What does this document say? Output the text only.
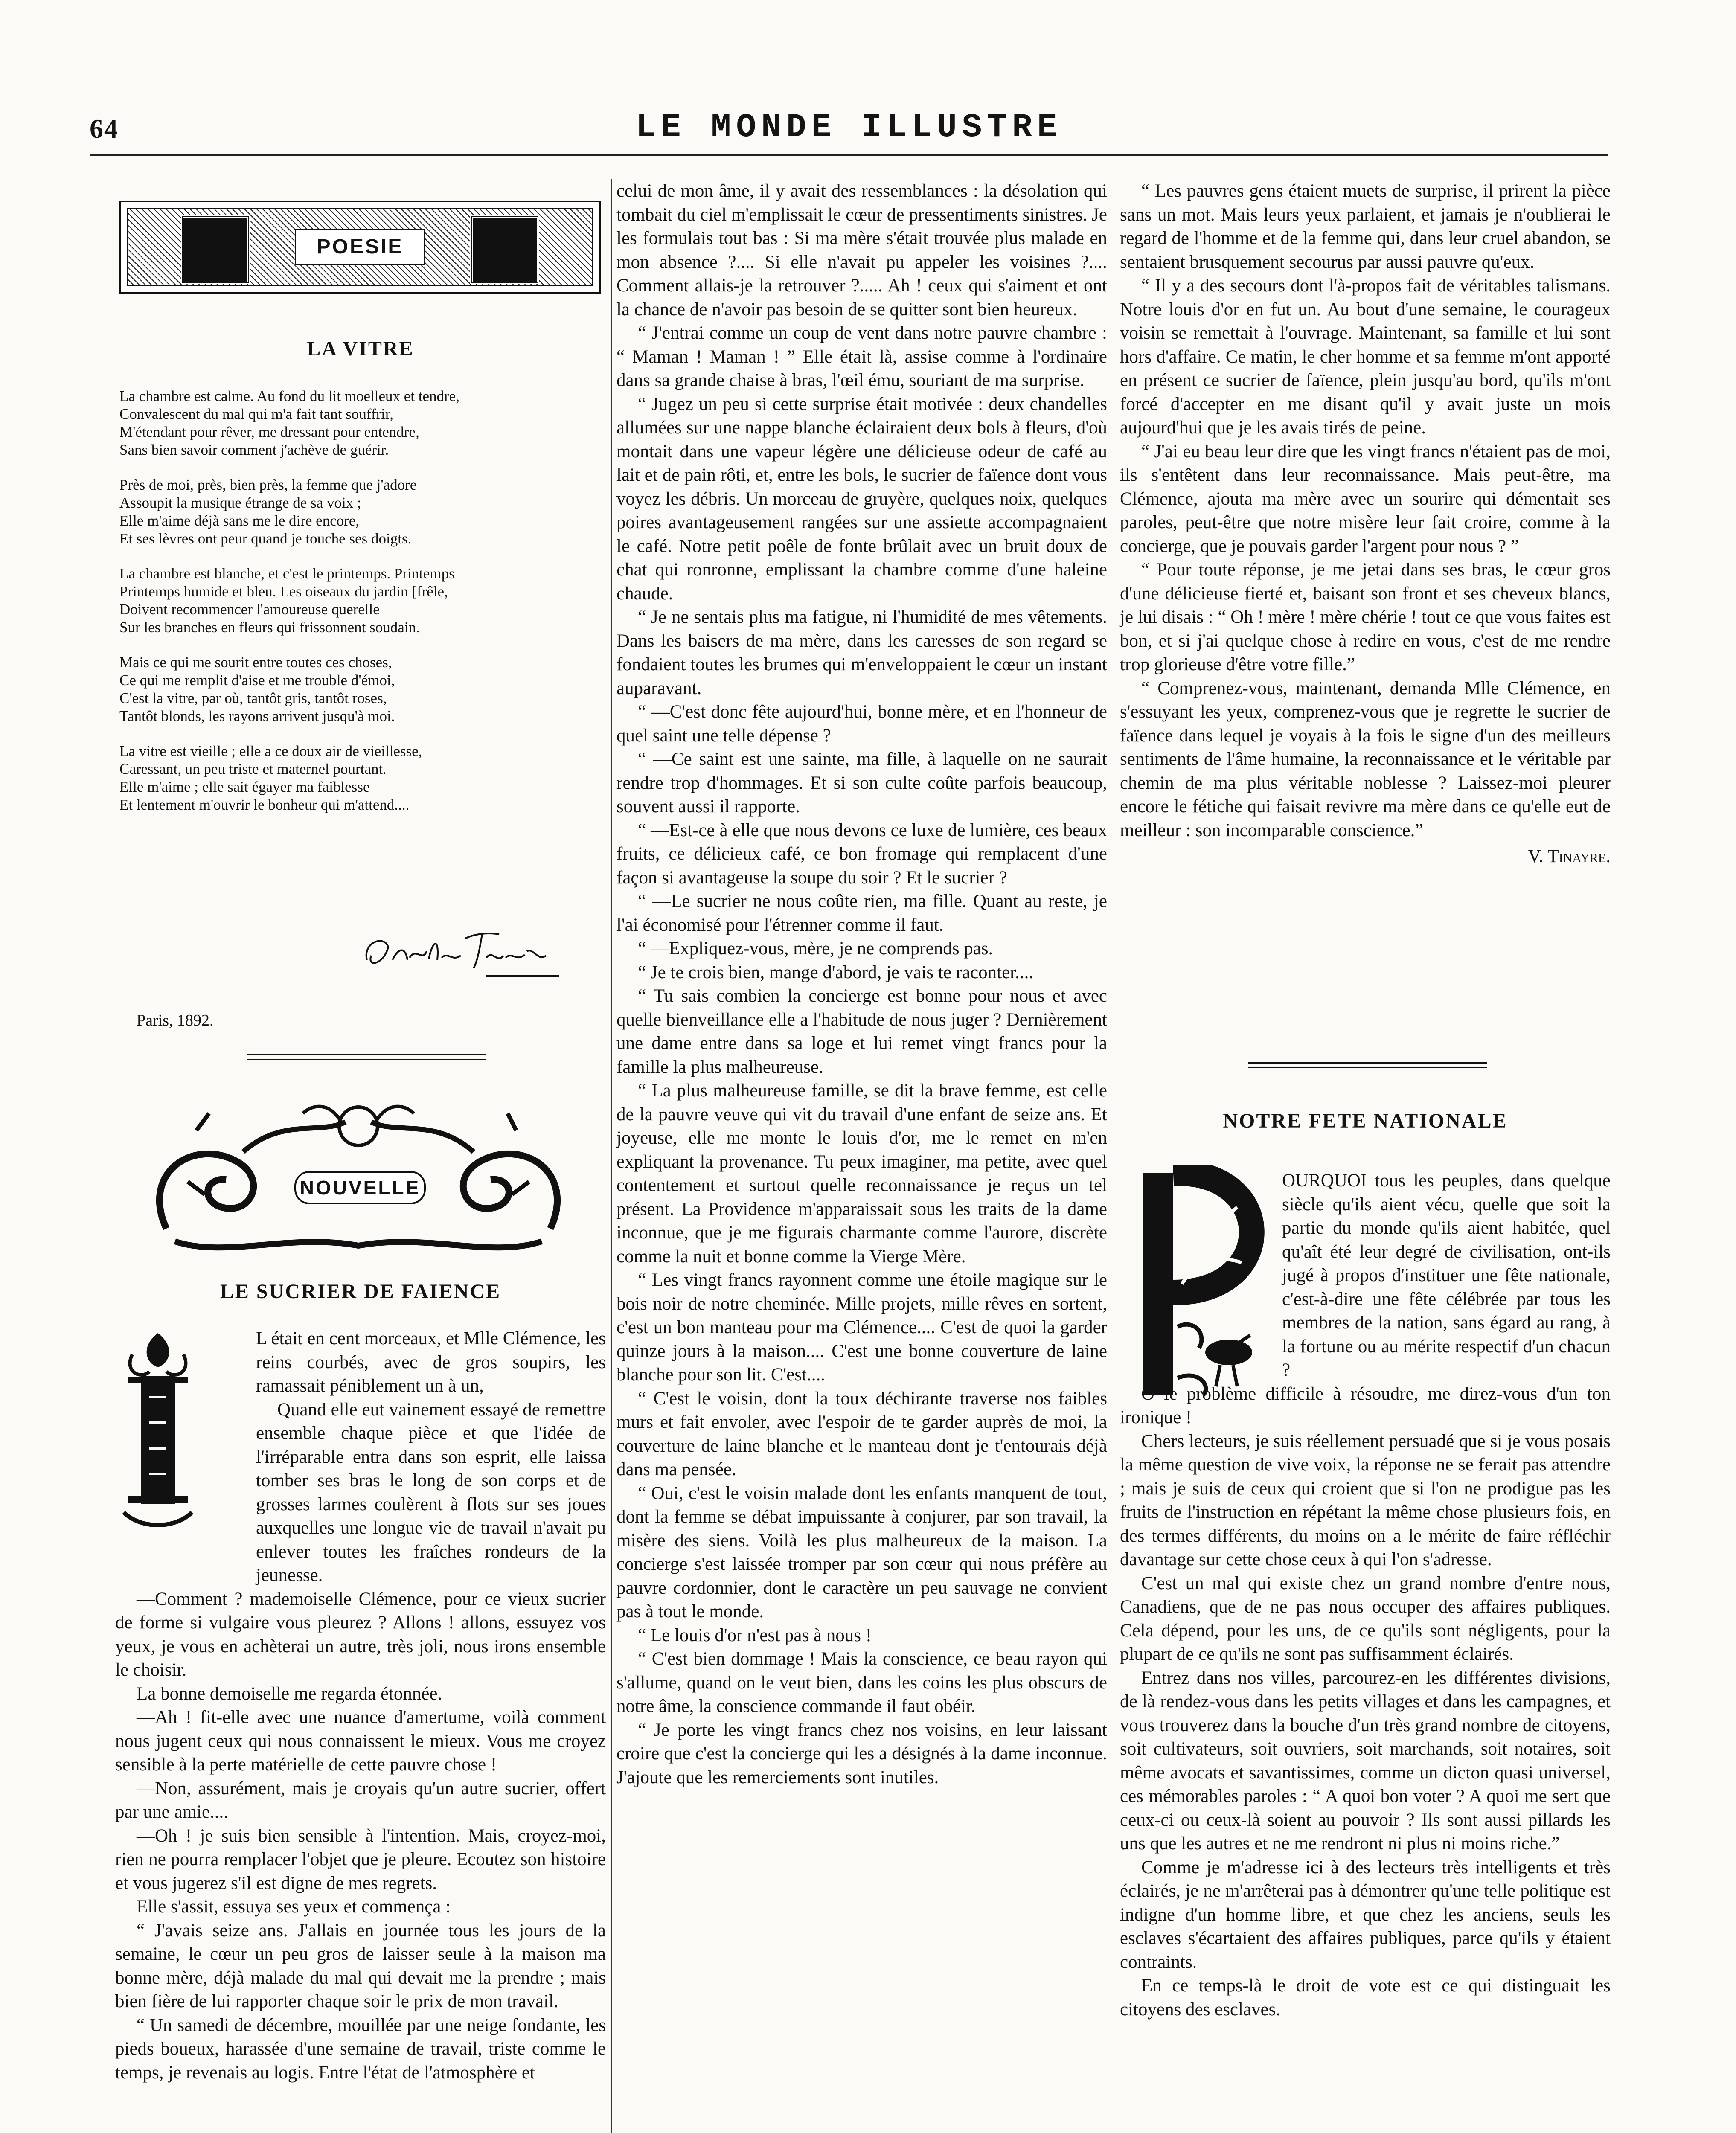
64	LE MONDE ILLUSTRE
POESIE
LA VITRE
La chambre est calme. Au fond du lit moelleux et tendre,
Convalescent du mal qui m'a fait tant souffrir,
M'étendant pour rêver, me dressant pour entendre,
Sans bien savoir comment j'achève de guérir.
Près de moi, près, bien près, la femme que j'adore
Assoupit la musique étrange de sa voix ;
Elle m'aime déjà sans me le dire encore,
Et ses lèvres ont peur quand je touche ses doigts.
La chambre est blanche, et c'est le printemps. Printemps
Printemps humide et bleu. Les oiseaux du jardin [frêle,
Doivent recommencer l'amoureuse querelle
Sur les branches en fleurs qui frissonnent soudain.
Mais ce qui me sourit entre toutes ces choses,
Ce qui me remplit d'aise et me trouble d'émoi,
C'est la vitre, par où, tantôt gris, tantôt roses,
Tantôt blonds, les rayons arrivent jusqu'à moi.
La vitre est vieille ; elle a ce doux air de vieillesse,
Caressant, un peu triste et maternel pourtant.
Elle m'aime ; elle sait égayer ma faiblesse
Et lentement m'ouvrir le bonheur qui m'attend....
Paris, 1892.
NOUVELLE
LE SUCRIER DE FAIENCE

L était en cent morceaux, et Mlle Clémence, les reins courbés, avec de gros soupirs, les ramassait péniblement un à un,

Quand elle eut vainement essayé de remettre ensemble chaque pièce et que l'idée de l'irréparable entra dans son esprit, elle laissa tomber ses bras le long de son corps et de grosses larmes coulèrent à flots sur ses joues auxquelles une longue vie de travail n'avait pu enlever toutes les fraîches rondeurs de la jeunesse.

—Comment ? mademoiselle Clémence, pour ce vieux sucrier de forme si vulgaire vous pleurez ? Allons ! allons, essuyez vos yeux, je vous en achèterai un autre, très joli, nous irons ensemble le choisir.

La bonne demoiselle me regarda étonnée.

—Ah ! fit-elle avec une nuance d'amertume, voilà comment nous jugent ceux qui nous connaissent le mieux. Vous me croyez sensible à la perte matérielle de cette pauvre chose !

—Non, assurément, mais je croyais qu'un autre sucrier, offert par une amie....

—Oh ! je suis bien sensible à l'intention. Mais, croyez-moi, rien ne pourra remplacer l'objet que je pleure. Ecoutez son histoire et vous jugerez s'il est digne de mes regrets.

Elle s'assit, essuya ses yeux et commença :

“ J'avais seize ans. J'allais en journée tous les jours de la semaine, le cœur un peu gros de laisser seule à la maison ma bonne mère, déjà malade du mal qui devait me la prendre ; mais bien fière de lui rapporter chaque soir le prix de mon travail.

“ Un samedi de décembre, mouillée par une neige fondante, les pieds boueux, harassée d'une semaine de travail, triste comme le temps, je revenais au logis. Entre l'état de l'atmosphère et

celui de mon âme, il y avait des ressemblances : la désolation qui tombait du ciel m'emplissait le cœur de pressentiments sinistres. Je les formulais tout bas : Si ma mère s'était trouvée plus malade en mon absence ?.... Si elle n'avait pu appeler les voisines ?.... Comment allais-je la retrouver ?..... Ah ! ceux qui s'aiment et ont la chance de n'avoir pas besoin de se quitter sont bien heureux.

“ J'entrai comme un coup de vent dans notre pauvre chambre : “ Maman ! Maman ! ” Elle était là, assise comme à l'ordinaire dans sa grande chaise à bras, l'œil ému, souriant de ma surprise.

“ Jugez un peu si cette surprise était motivée : deux chandelles allumées sur une nappe blanche éclairaient deux bols à fleurs, d'où montait dans une vapeur légère une délicieuse odeur de café au lait et de pain rôti, et, entre les bols, le sucrier de faïence dont vous voyez les débris. Un morceau de gruyère, quelques noix, quelques poires avantageusement rangées sur une assiette accompagnaient le café. Notre petit poêle de fonte brûlait avec un bruit doux de chat qui ronronne, emplissant la chambre comme d'une haleine chaude.

“ Je ne sentais plus ma fatigue, ni l'humidité de mes vêtements. Dans les baisers de ma mère, dans les caresses de son regard se fondaient toutes les brumes qui m'enveloppaient le cœur un instant auparavant.

“ —C'est donc fête aujourd'hui, bonne mère, et en l'honneur de quel saint une telle dépense ?

“ —Ce saint est une sainte, ma fille, à laquelle on ne saurait rendre trop d'hommages. Et si son culte coûte parfois beaucoup, souvent aussi il rapporte.

“ —Est-ce à elle que nous devons ce luxe de lumière, ces beaux fruits, ce délicieux café, ce bon fromage qui remplacent d'une façon si avantageuse la soupe du soir ? Et le sucrier ?

“ —Le sucrier ne nous coûte rien, ma fille. Quant au reste, je l'ai économisé pour l'étrenner comme il faut.

“ —Expliquez-vous, mère, je ne comprends pas.

“ Je te crois bien, mange d'abord, je vais te raconter....

“ Tu sais combien la concierge est bonne pour nous et avec quelle bienveillance elle a l'habitude de nous juger ? Dernièrement une dame entre dans sa loge et lui remet vingt francs pour la famille la plus malheureuse.

“ La plus malheureuse famille, se dit la brave femme, est celle de la pauvre veuve qui vit du travail d'une enfant de seize ans. Et joyeuse, elle me monte le louis d'or, me le remet en m'en expliquant la provenance. Tu peux imaginer, ma petite, avec quel contentement et surtout quelle reconnaissance je reçus un tel présent. La Providence m'apparaissait sous les traits de la dame inconnue, que je me figurais charmante comme l'aurore, discrète comme la nuit et bonne comme la Vierge Mère.

“ Les vingt francs rayonnent comme une étoile magique sur le bois noir de notre cheminée. Mille projets, mille rêves en sortent, c'est un bon manteau pour ma Clémence.... C'est de quoi la garder quinze jours à la maison.... C'est une bonne couverture de laine blanche pour son lit. C'est....

“ C'est le voisin, dont la toux déchirante traverse nos faibles murs et fait envoler, avec l'espoir de te garder auprès de moi, la couverture de laine blanche et le manteau dont je t'entourais déjà dans ma pensée.

“ Oui, c'est le voisin malade dont les enfants manquent de tout, dont la femme se débat impuissante à conjurer, par son travail, la misère des siens. Voilà les plus malheureux de la maison. La concierge s'est laissée tromper par son cœur qui nous préfère au pauvre cordonnier, dont le caractère un peu sauvage ne convient pas à tout le monde.

“ Le louis d'or n'est pas à nous !

“ C'est bien dommage ! Mais la conscience, ce beau rayon qui s'allume, quand on le veut bien, dans les coins les plus obscurs de notre âme, la conscience commande il faut obéir.

“ Je porte les vingt francs chez nos voisins, en leur laissant croire que c'est la concierge qui les a désignés à la dame inconnue. J'ajoute que les remerciements sont inutiles.

“ Les pauvres gens étaient muets de surprise, il prirent la pièce sans un mot. Mais leurs yeux parlaient, et jamais je n'oublierai le regard de l'homme et de la femme qui, dans leur cruel abandon, se sentaient brusquement secourus par aussi pauvre qu'eux.

“ Il y a des secours dont l'à-propos fait de véritables talismans. Notre louis d'or en fut un. Au bout d'une semaine, le courageux voisin se remettait à l'ouvrage. Maintenant, sa famille et lui sont hors d'affaire. Ce matin, le cher homme et sa femme m'ont apporté en présent ce sucrier de faïence, plein jusqu'au bord, qu'ils m'ont forcé d'accepter en me disant qu'il y avait juste un mois aujourd'hui que je les avais tirés de peine.

“ J'ai eu beau leur dire que les vingt francs n'étaient pas de moi, ils s'entêtent dans leur reconnaissance. Mais peut-être, ma Clémence, ajouta ma mère avec un sourire qui démentait ses paroles, peut-être que notre misère leur fait croire, comme à la concierge, que je pouvais garder l'argent pour nous ? ”

“ Pour toute réponse, je me jetai dans ses bras, le cœur gros d'une délicieuse fierté et, baisant son front et ses cheveux blancs, je lui disais : “ Oh ! mère ! mère chérie ! tout ce que vous faites est bon, et si j'ai quelque chose à redire en vous, c'est de me rendre trop glorieuse d'être votre fille.”

“ Comprenez-vous, maintenant, demanda Mlle Clémence, en s'essuyant les yeux, comprenez-vous que je regrette le sucrier de faïence dans lequel je voyais à la fois le signe d'un des meilleurs sentiments de l'âme humaine, la reconnaissance et le véritable par chemin de ma plus véritable noblesse ? Laissez-moi pleurer encore le fétiche qui faisait revivre ma mère dans ce qu'elle eut de meilleur : son incomparable conscience.”

V. Tinayre.

NOTRE FETE NATIONALE

OURQUOI tous les peuples, dans quelque siècle qu'ils aient vécu, quelle que soit la partie du monde qu'ils aient habitée, quel qu'aît été leur degré de civilisation, ont-ils jugé à propos d'instituer une fête nationale, c'est-à-dire une fête célébrée par tous les membres de la nation, sans égard au rang, à la fortune ou au mérite respectif d'un chacun ?

O le problème difficile à résoudre, me direz-vous d'un ton ironique !

Chers lecteurs, je suis réellement persuadé que si je vous posais la même question de vive voix, la réponse ne se ferait pas attendre ; mais je suis de ceux qui croient que si l'on ne prodigue pas les fruits de l'instruction en répétant la même chose plusieurs fois, en des termes différents, du moins on a le mérite de faire réfléchir davantage sur cette chose ceux à qui l'on s'adresse.

C'est un mal qui existe chez un grand nombre d'entre nous, Canadiens, que de ne pas nous occuper des affaires publiques. Cela dépend, pour les uns, de ce qu'ils sont négligents, pour la plupart de ce qu'ils ne sont pas suffisamment éclairés.

Entrez dans nos villes, parcourez-en les différentes divisions, de là rendez-vous dans les petits villages et dans les campagnes, et vous trouverez dans la bouche d'un très grand nombre de citoyens, soit cultivateurs, soit ouvriers, soit marchands, soit notaires, soit même avocats et savantissimes, comme un dicton quasi universel, ces mémorables paroles : “ A quoi bon voter ? A quoi me sert que ceux-ci ou ceux-là soient au pouvoir ? Ils sont aussi pillards les uns que les autres et ne me rendront ni plus ni moins riche.”

Comme je m'adresse ici à des lecteurs très intelligents et très éclairés, je ne m'arrêterai pas à démontrer qu'une telle politique est indigne d'un homme libre, et que chez les anciens, seuls les esclaves s'écartaient des affaires publiques, parce qu'ils y étaient contraints.

En ce temps-là le droit de vote est ce qui distinguait les citoyens des esclaves.
